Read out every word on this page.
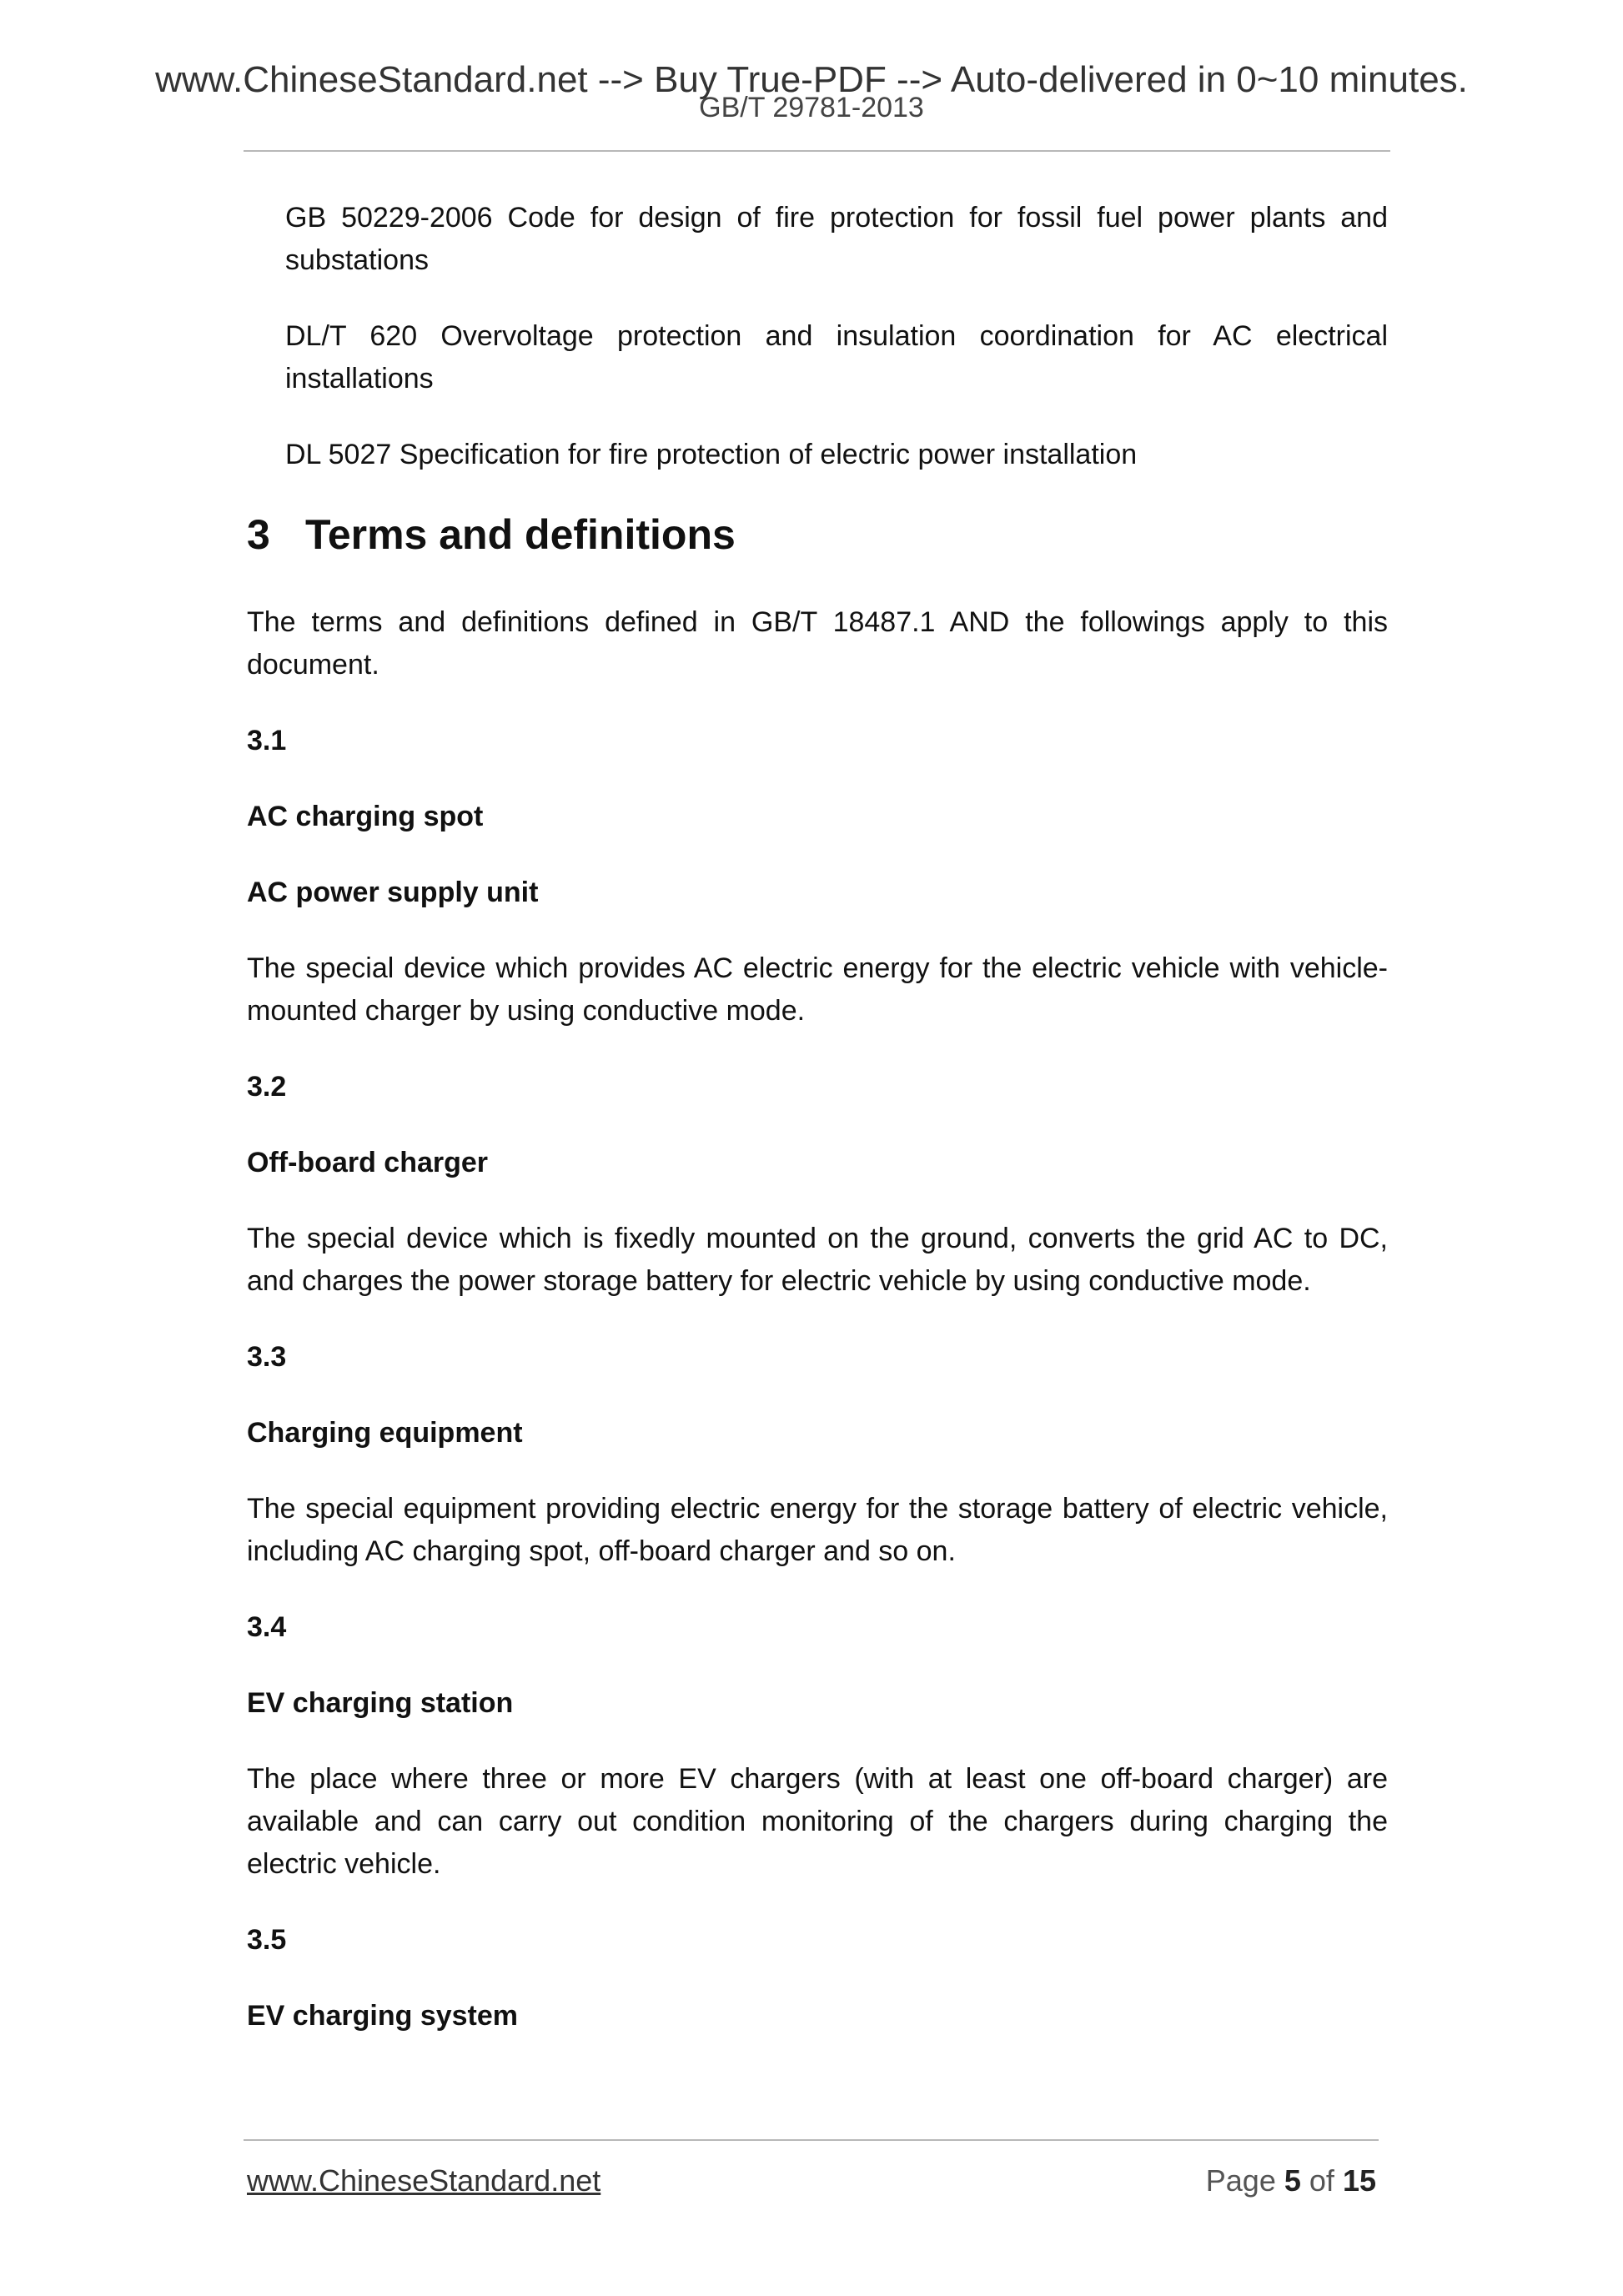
www.ChineseStandard.net --> Buy True-PDF --> Auto-delivered in 0~10 minutes.
GB/T 29781-2013

GB 50229-2006 Code for design of fire protection for fossil fuel power plants and substations

DL/T 620 Overvoltage protection and insulation coordination for AC electrical installations

DL 5027 Specification for fire protection of electric power installation

3 Terms and definitions

The terms and definitions defined in GB/T 18487.1 AND the followings apply to this document.

3.1

AC charging spot

AC power supply unit

The special device which provides AC electric energy for the electric vehicle with vehicle-mounted charger by using conductive mode.

3.2

Off-board charger

The special device which is fixedly mounted on the ground, converts the grid AC to DC, and charges the power storage battery for electric vehicle by using conductive mode.

3.3

Charging equipment

The special equipment providing electric energy for the storage battery of electric vehicle, including AC charging spot, off-board charger and so on.

3.4

EV charging station

The place where three or more EV chargers (with at least one off-board charger) are available and can carry out condition monitoring of the chargers during charging the electric vehicle.

3.5

EV charging system

www.ChineseStandard.net	Page 5 of 15
